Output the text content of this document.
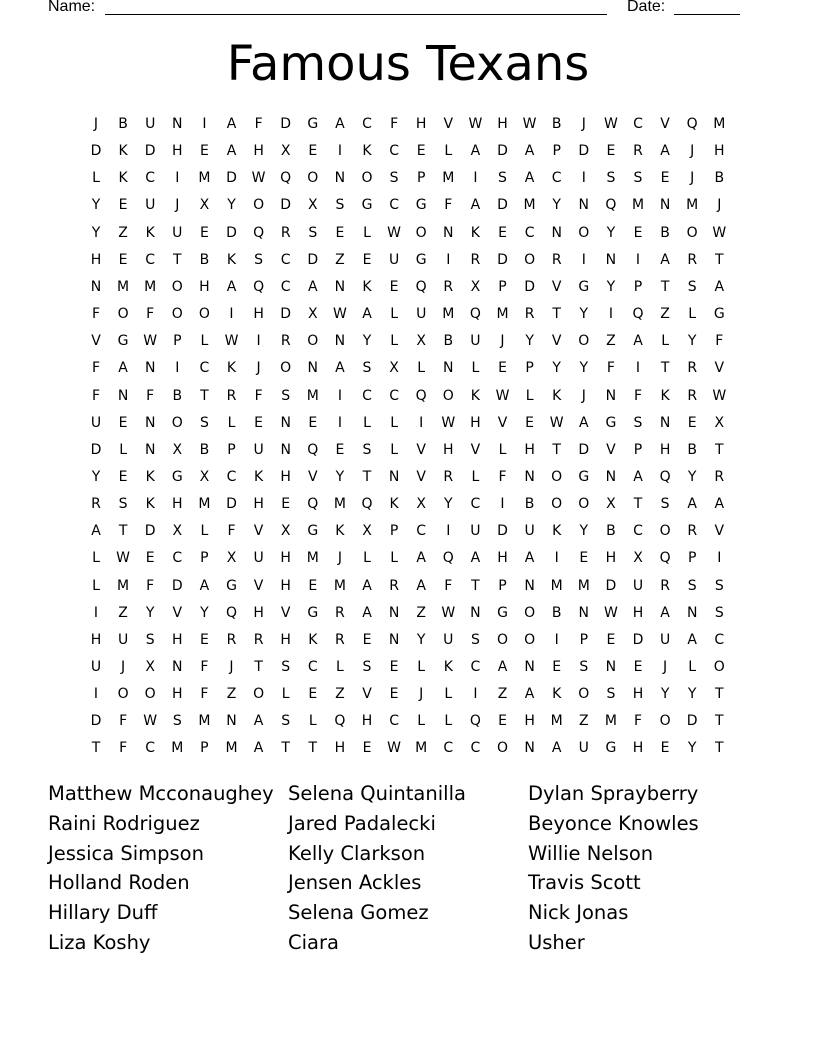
Name:	Date:
Famous Texans
J	B	U	N	I	A	F	D	G	A	C	F	H	V	W	H	W	B	J	W	C	V	Q	M
D	K	D	H	E	A	H	X	E	I	K	C	E	L	A	D	A	P	D	E	R	A	J	H
L	K	C	I	M	D	W	Q	O	N	O	S	P	M	I	S	A	C	I	S	S	E	J	B
Y	E	U	J	X	Y	O	D	X	S	G	C	G	F	A	D	M	Y	N	Q	M	N	M	J
Y	Z	K	U	E	D	Q	R	S	E	L	W	O	N	K	E	C	N	O	Y	E	B	O	W
H	E	C	T	B	K	S	C	D	Z	E	U	G	I	R	D	O	R	I	N	I	A	R	T
N	M	M	O	H	A	Q	C	A	N	K	E	Q	R	X	P	D	V	G	Y	P	T	S	A
F	O	F	O	O	I	H	D	X	W	A	L	U	M	Q	M	R	T	Y	I	Q	Z	L	G
V	G	W	P	L	W	I	R	O	N	Y	L	X	B	U	J	Y	V	O	Z	A	L	Y	F
F	A	N	I	C	K	J	O	N	A	S	X	L	N	L	E	P	Y	Y	F	I	T	R	V
F	N	F	B	T	R	F	S	M	I	C	C	Q	O	K	W	L	K	J	N	F	K	R	W
U	E	N	O	S	L	E	N	E	I	L	L	I	W	H	V	E	W	A	G	S	N	E	X
D	L	N	X	B	P	U	N	Q	E	S	L	V	H	V	L	H	T	D	V	P	H	B	T
Y	E	K	G	X	C	K	H	V	Y	T	N	V	R	L	F	N	O	G	N	A	Q	Y	R
R	S	K	H	M	D	H	E	Q	M	Q	K	X	Y	C	I	B	O	O	X	T	S	A	A
A	T	D	X	L	F	V	X	G	K	X	P	C	I	U	D	U	K	Y	B	C	O	R	V
L	W	E	C	P	X	U	H	M	J	L	L	A	Q	A	H	A	I	E	H	X	Q	P	I
L	M	F	D	A	G	V	H	E	M	A	R	A	F	T	P	N	M	M	D	U	R	S	S
I	Z	Y	V	Y	Q	H	V	G	R	A	N	Z	W	N	G	O	B	N	W	H	A	N	S
H	U	S	H	E	R	R	H	K	R	E	N	Y	U	S	O	O	I	P	E	D	U	A	C
U	J	X	N	F	J	T	S	C	L	S	E	L	K	C	A	N	E	S	N	E	J	L	O
I	O	O	H	F	Z	O	L	E	Z	V	E	J	L	I	Z	A	K	O	S	H	Y	Y	T
D	F	W	S	M	N	A	S	L	Q	H	C	L	L	Q	E	H	M	Z	M	F	O	D	T
T	F	C	M	P	M	A	T	T	H	E	W	M	C	C	O	N	A	U	G	H	E	Y	T
Matthew Mcconaughey
Raini Rodriguez
Jessica Simpson
Holland Roden
Hillary Duff
Liza Koshy
Selena Quintanilla
Jared Padalecki
Kelly Clarkson
Jensen Ackles
Selena Gomez
Ciara
Dylan Sprayberry
Beyonce Knowles
Willie Nelson
Travis Scott
Nick Jonas
Usher
